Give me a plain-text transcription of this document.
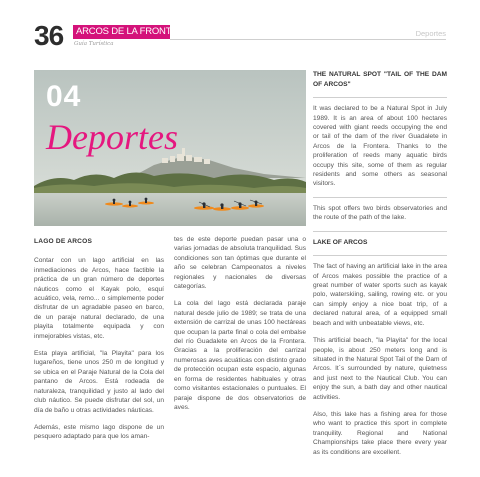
36 ARCOS DE LA FRONTERA
Guía Turística
Deportes
04
Deportes
LAGO DE ARCOS

Contar con un lago artificial en las inmediaciones de Arcos, hace factible la práctica de un gran número de deportes náuticos como el Kayak polo, esquí acuático, vela, remo... o simplemente poder disfrutar de un agradable paseo en barco, de un paraje natural declarado, de una playita totalmente equipada y con inmejorables vistas, etc.

Esta playa artificial, "la Playita" para los lugareños, tiene unos 250 m de longitud y se ubica en el Paraje Natural de la Cola del pantano de Arcos. Está rodeada de naturaleza, tranquilidad y justo al lado del club náutico. Se puede disfrutar del sol, un día de baño u otras actividades náuticas.

Además, este mismo lago dispone de un pesquero adaptado para que los aman-

tes de este deporte puedan pasar una o varias jornadas de absoluta tranquilidad. Sus condiciones son tan óptimas que durante el año se celebran Campeonatos a niveles regionales y nacionales de diversas categorías.

La cola del lago está declarada paraje natural desde julio de 1989; se trata de una extensión de carrizal de unas 100 hectáreas que ocupan la parte final o cola del embalse del río Guadalete en Arcos de la Frontera. Gracias a la proliferación del carrizal numerosas aves acuáticas con distinto grado de protección ocupan este espacio, algunas en forma de residentes habituales y otras como visitantes estacionales o puntuales. El paraje dispone de dos observatorios de aves.

THE NATURAL SPOT "TAIL OF THE DAM OF ARCOS"

It was declared to be a Natural Spot in July 1989. It is an area of about 100 hectares covered with giant reeds occupying the end or tail of the dam of the river Guadalete in Arcos de la Frontera. Thanks to the proliferation of reeds many aquatic birds occupy this site, some of them as regular residents and some others as seasonal visitors.

This spot offers two birds observatories and the route of the path of the lake.

LAKE OF ARCOS

The fact of having an artificial lake in the area of Arcos makes possible the practice of a great number of water sports such as kayak polo, waterskiing, sailing, rowing etc. or you can simply enjoy a nice boat trip, of a declared natural area, of a equipped small beach and with unbeatable views, etc.

This artificial beach, "la Playita" for the local people, is about 250 meters long and is situated in the Natural Spot Tail of the Dam of Arcos. It´s surrounded by nature, quietness and just next to the Nautical Club. You can enjoy the sun, a bath day and other nautical activities.

Also, this lake has a fishing area for those who want to practice this sport in complete tranquility. Regional and National Championships take place there every year as its conditions are excellent.
